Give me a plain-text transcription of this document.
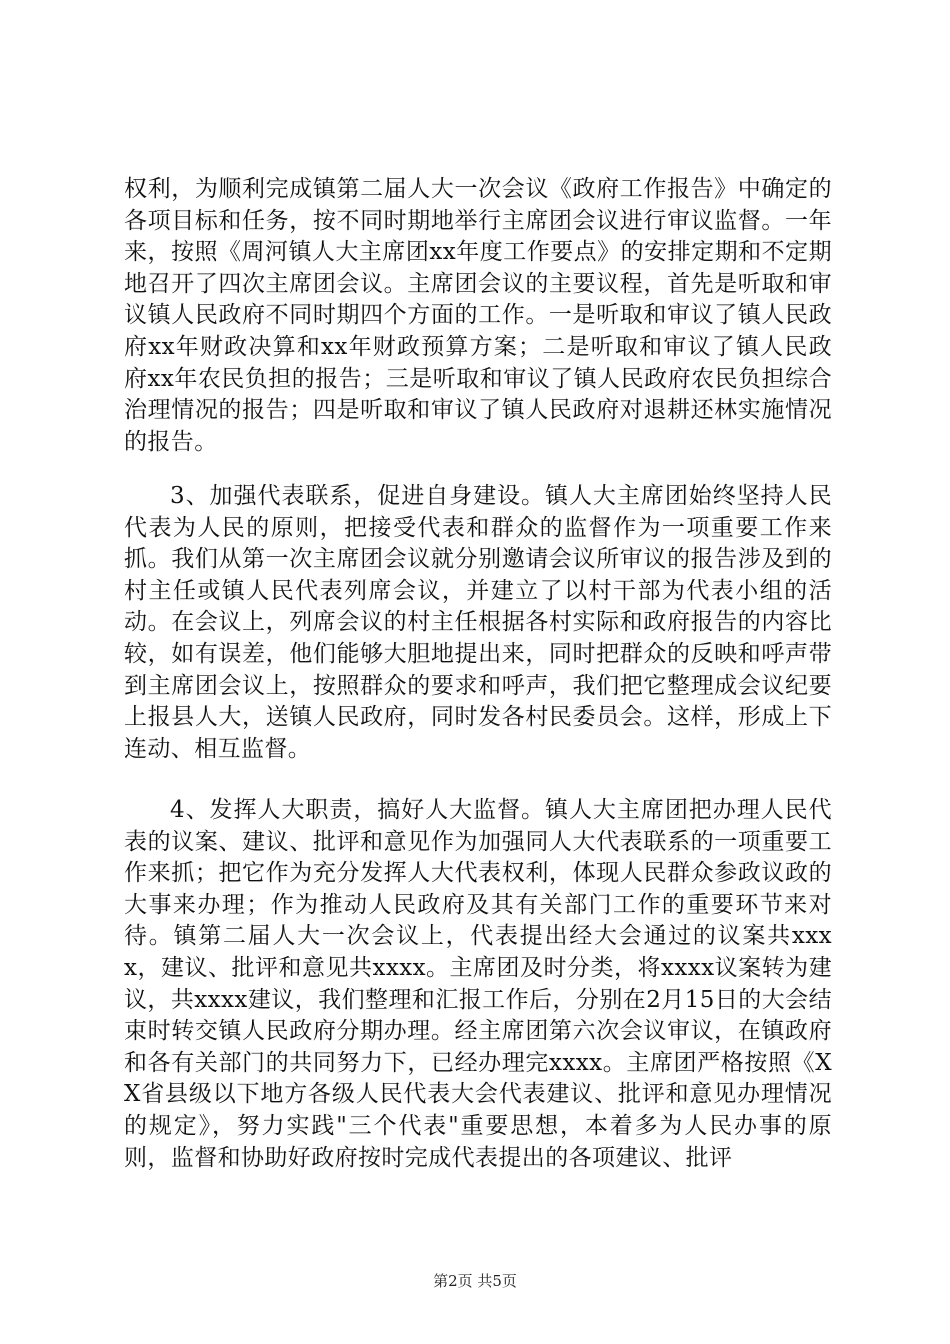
权利，为顺利完成镇第二届人大一次会议《政府工作报告》中确定的各项目标和任务，按不同时期地举行主席团会议进行审议监督。一年来，按照《周河镇人大主席团xx年度工作要点》的安排定期和不定期地召开了四次主席团会议。主席团会议的主要议程，首先是听取和审议镇人民政府不同时期四个方面的工作。一是听取和审议了镇人民政府xx年财政决算和xx年财政预算方案；二是听取和审议了镇人民政府xx年农民负担的报告；三是听取和审议了镇人民政府农民负担综合治理情况的报告；四是听取和审议了镇人民政府对退耕还林实施情况的报告。
3、加强代表联系，促进自身建设。镇人大主席团始终坚持人民代表为人民的原则，把接受代表和群众的监督作为一项重要工作来抓。我们从第一次主席团会议就分别邀请会议所审议的报告涉及到的村主任或镇人民代表列席会议，并建立了以村干部为代表小组的活动。在会议上，列席会议的村主任根据各村实际和政府报告的内容比较，如有误差，他们能够大胆地提出来，同时把群众的反映和呼声带到主席团会议上，按照群众的要求和呼声，我们把它整理成会议纪要上报县人大，送镇人民政府，同时发各村民委员会。这样，形成上下连动、相互监督。
4、发挥人大职责，搞好人大监督。镇人大主席团把办理人民代表的议案、建议、批评和意见作为加强同人大代表联系的一项重要工作来抓；把它作为充分发挥人大代表权利，体现人民群众参政议政的大事来办理；作为推动人民政府及其有关部门工作的重要环节来对待。镇第二届人大一次会议上，代表提出经大会通过的议案共xxxx，建议、批评和意见共xxxx。主席团及时分类，将xxxx议案转为建议，共xxxx建议，我们整理和汇报工作后，分别在2月15日的大会结束时转交镇人民政府分期办理。经主席团第六次会议审议，在镇政府和各有关部门的共同努力下，已经办理完xxxx。主席团严格按照《XX省县级以下地方各级人民代表大会代表建议、批评和意见办理情况的规定》，努力实践"三个代表"重要思想，本着多为人民办事的原则，监督和协助好政府按时完成代表提出的各项建议、批评
第2页 共5页
